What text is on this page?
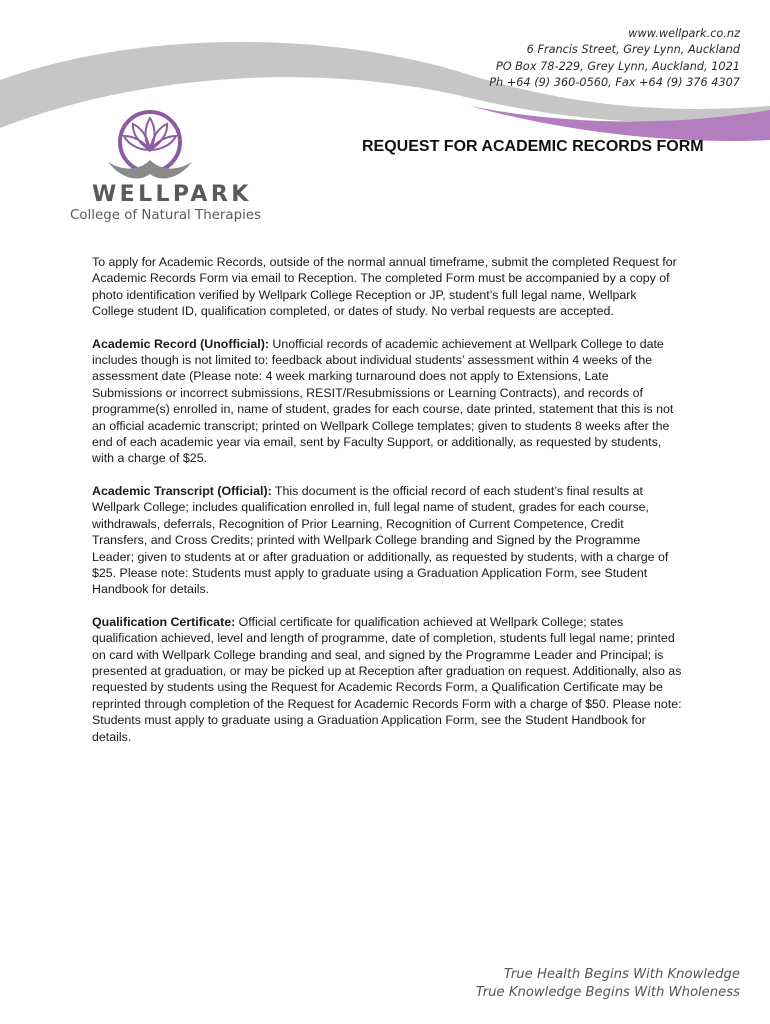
www.wellpark.co.nz
6 Francis Street, Grey Lynn, Auckland
PO Box 78-229, Grey Lynn, Auckland, 1021
Ph +64 (9) 360-0560, Fax +64 (9) 376 4307
WELLPARK
College of Natural Therapies
REQUEST FOR ACADEMIC RECORDS FORM

To apply for Academic Records, outside of the normal annual timeframe, submit the completed Request for Academic Records Form via email to Reception. The completed Form must be accompanied by a copy of photo identification verified by Wellpark College Reception or JP, student’s full legal name, Wellpark College student ID, qualification completed, or dates of study. No verbal requests are accepted.

Academic Record (Unofficial): Unofficial records of academic achievement at Wellpark College to date includes though is not limited to: feedback about individual students’ assessment within 4 weeks of the assessment date (Please note: 4 week marking turnaround does not apply to Extensions, Late Submissions or incorrect submissions, RESIT/Resubmissions or Learning Contracts), and records of programme(s) enrolled in, name of student, grades for each course, date printed, statement that this is not an official academic transcript; printed on Wellpark College templates; given to students 8 weeks after the end of each academic year via email, sent by Faculty Support, or additionally, as requested by students, with a charge of $25.

Academic Transcript (Official): This document is the official record of each student’s final results at Wellpark College; includes qualification enrolled in, full legal name of student, grades for each course, withdrawals, deferrals, Recognition of Prior Learning, Recognition of Current Competence, Credit Transfers, and Cross Credits; printed with Wellpark College branding and Signed by the Programme Leader; given to students at or after graduation or additionally, as requested by students, with a charge of $25. Please note: Students must apply to graduate using a Graduation Application Form, see Student Handbook for details.

Qualification Certificate: Official certificate for qualification achieved at Wellpark College; states qualification achieved, level and length of programme, date of completion, students full legal name; printed on card with Wellpark College branding and seal, and signed by the Programme Leader and Principal; is presented at graduation, or may be picked up at Reception after graduation on request. Additionally, also as requested by students using the Request for Academic Records Form, a Qualification Certificate may be reprinted through completion of the Request for Academic Records Form with a charge of $50. Please note: Students must apply to graduate using a Graduation Application Form, see the Student Handbook for details.

True Health Begins With Knowledge
True Knowledge Begins With Wholeness
